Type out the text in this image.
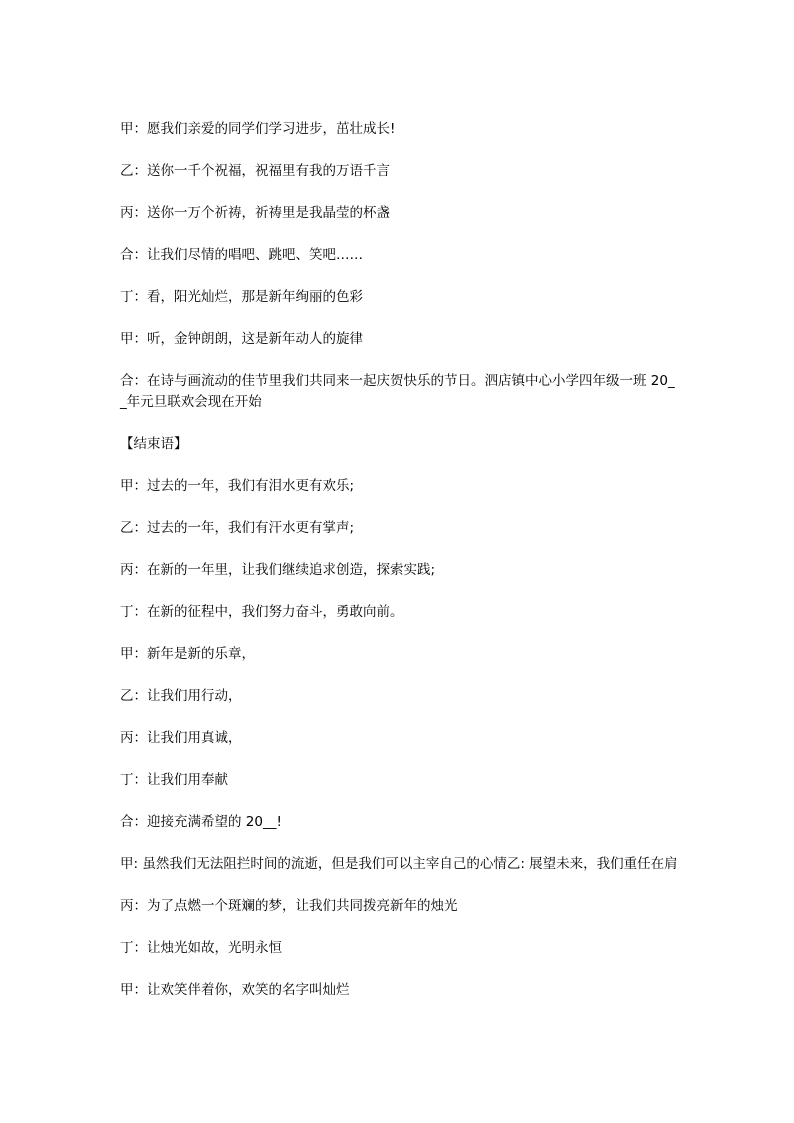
甲：愿我们亲爱的同学们学习进步，茁壮成长!

乙：送你一千个祝福，祝福里有我的万语千言

丙：送你一万个祈祷，祈祷里是我晶莹的杯盏

合：让我们尽情的唱吧、跳吧、笑吧……

丁：看，阳光灿烂，那是新年绚丽的色彩

甲：听，金钟朗朗，这是新年动人的旋律

合：在诗与画流动的佳节里我们共同来一起庆贺快乐的节日。泗店镇中心小学四年级一班 20__年元旦联欢会现在开始

【结束语】

甲：过去的一年，我们有泪水更有欢乐;

乙：过去的一年，我们有汗水更有掌声;

丙：在新的一年里，让我们继续追求创造，探索实践;

丁：在新的征程中，我们努力奋斗，勇敢向前。

甲：新年是新的乐章，

乙：让我们用行动，

丙：让我们用真诚，

丁：让我们用奉献

合：迎接充满希望的 20__!

甲: 虽然我们无法阻拦时间的流逝，但是我们可以主宰自己的心情乙: 展望未来，我们重任在肩

丙：为了点燃一个斑斓的梦，让我们共同拨亮新年的烛光

丁：让烛光如故，光明永恒

甲：让欢笑伴着你，欢笑的名字叫灿烂
